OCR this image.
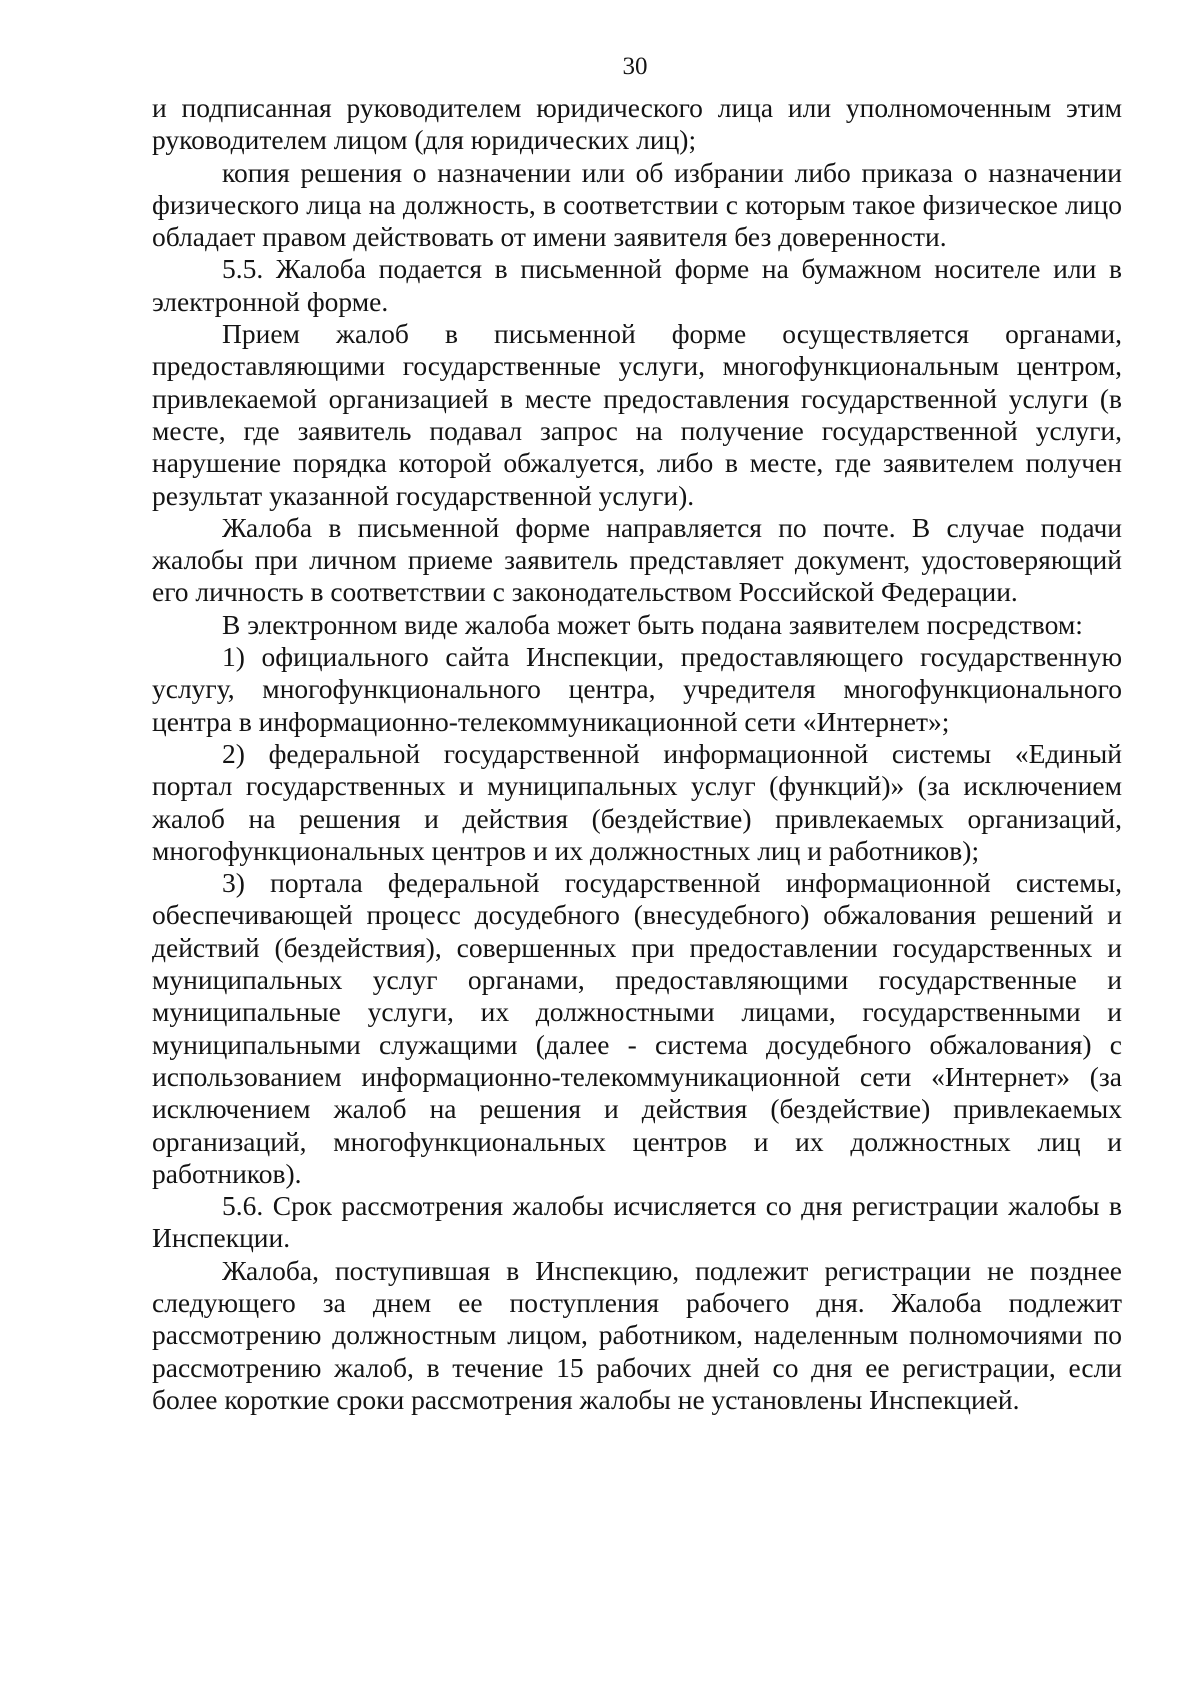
30

и подписанная руководителем юридического лица или уполномоченным этим руководителем лицом (для юридических лиц);

копия решения о назначении или об избрании либо приказа о назначении физического лица на должность, в соответствии с которым такое физическое лицо обладает правом действовать от имени заявителя без доверенности.

5.5. Жалоба подается в письменной форме на бумажном носителе или в электронной форме.

Прием жалоб в письменной форме осуществляется органами, предоставляющими государственные услуги, многофункциональным центром, привлекаемой организацией в месте предоставления государственной услуги (в месте, где заявитель подавал запрос на получение государственной услуги, нарушение порядка которой обжалуется, либо в месте, где заявителем получен результат указанной государственной услуги).

Жалоба в письменной форме направляется по почте. В случае подачи жалобы при личном приеме заявитель представляет документ, удостоверяющий его личность в соответствии с законодательством Российской Федерации.

В электронном виде жалоба может быть подана заявителем посредством:

1) официального сайта Инспекции, предоставляющего государственную услугу, многофункционального центра, учредителя многофункционального центра в информационно-телекоммуникационной сети «Интернет»;

2) федеральной государственной информационной системы «Единый портал государственных и муниципальных услуг (функций)» (за исключением жалоб на решения и действия (бездействие) привлекаемых организаций, многофункциональных центров и их должностных лиц и работников);

3) портала федеральной государственной информационной системы, обеспечивающей процесс досудебного (внесудебного) обжалования решений и действий (бездействия), совершенных при предоставлении государственных и муниципальных услуг органами, предоставляющими государственные и муниципальные услуги, их должностными лицами, государственными и муниципальными служащими (далее - система досудебного обжалования) с использованием информационно-телекоммуникационной сети «Интернет» (за исключением жалоб на решения и действия (бездействие) привлекаемых организаций, многофункциональных центров и их должностных лиц и работников).

5.6. Срок рассмотрения жалобы исчисляется со дня регистрации жалобы в Инспекции.

Жалоба, поступившая в Инспекцию, подлежит регистрации не позднее следующего за днем ее поступления рабочего дня. Жалоба подлежит рассмотрению должностным лицом, работником, наделенным полномочиями по рассмотрению жалоб, в течение 15 рабочих дней со дня ее регистрации, если более короткие сроки рассмотрения жалобы не установлены Инспекцией.
